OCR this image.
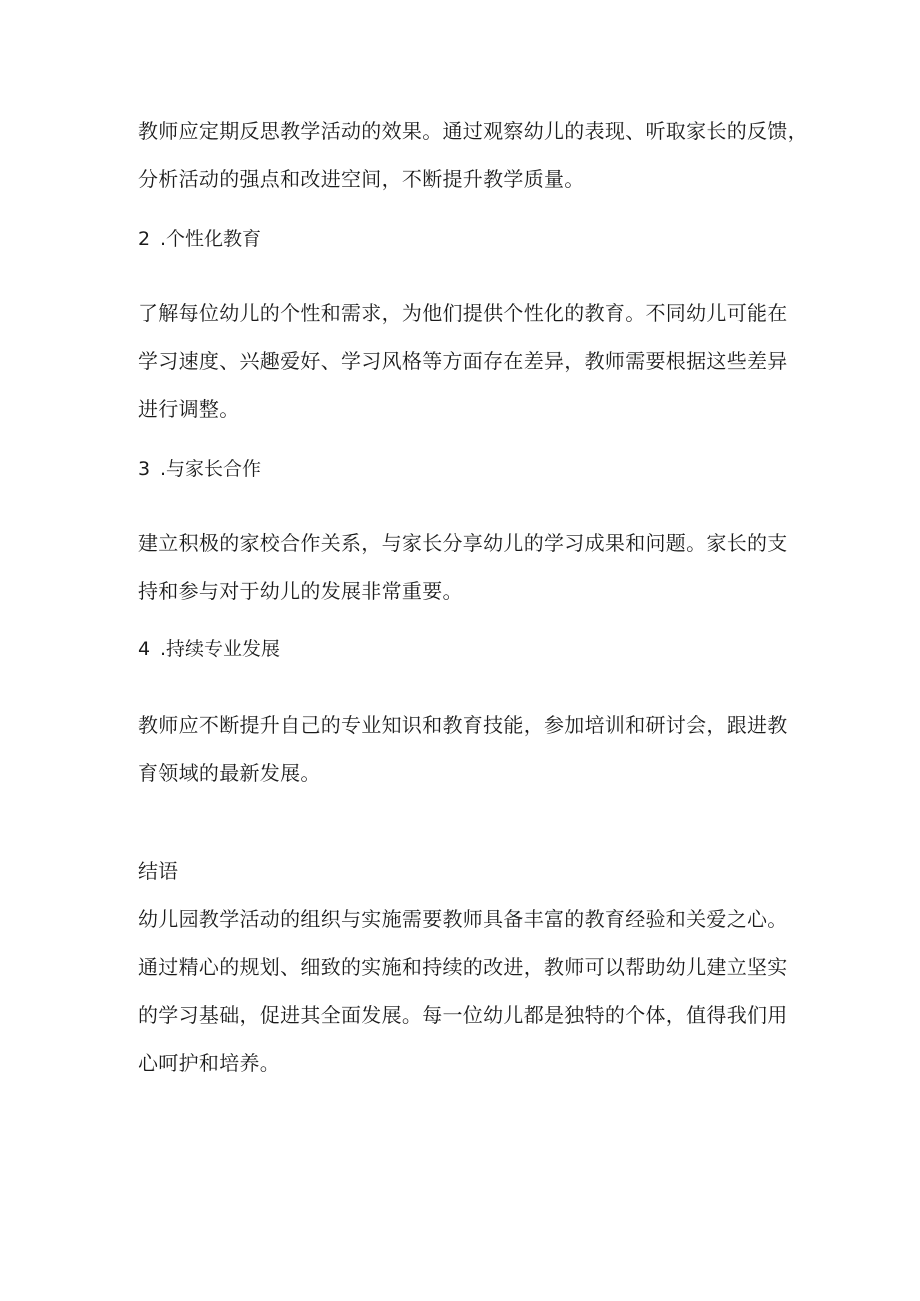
教师应定期反思教学活动的效果。通过观察幼儿的表现、听取家长的反馈，
分析活动的强点和改进空间，不断提升教学质量。
2 .个性化教育
了解每位幼儿的个性和需求，为他们提供个性化的教育。不同幼儿可能在
学习速度、兴趣爱好、学习风格等方面存在差异，教师需要根据这些差异
进行调整。
3 .与家长合作
建立积极的家校合作关系，与家长分享幼儿的学习成果和问题。家长的支
持和参与对于幼儿的发展非常重要。
4 .持续专业发展
教师应不断提升自己的专业知识和教育技能，参加培训和研讨会，跟进教
育领域的最新发展。
结语
幼儿园教学活动的组织与实施需要教师具备丰富的教育经验和关爱之心。
通过精心的规划、细致的实施和持续的改进，教师可以帮助幼儿建立坚实
的学习基础，促进其全面发展。每一位幼儿都是独特的个体，值得我们用
心呵护和培养。
